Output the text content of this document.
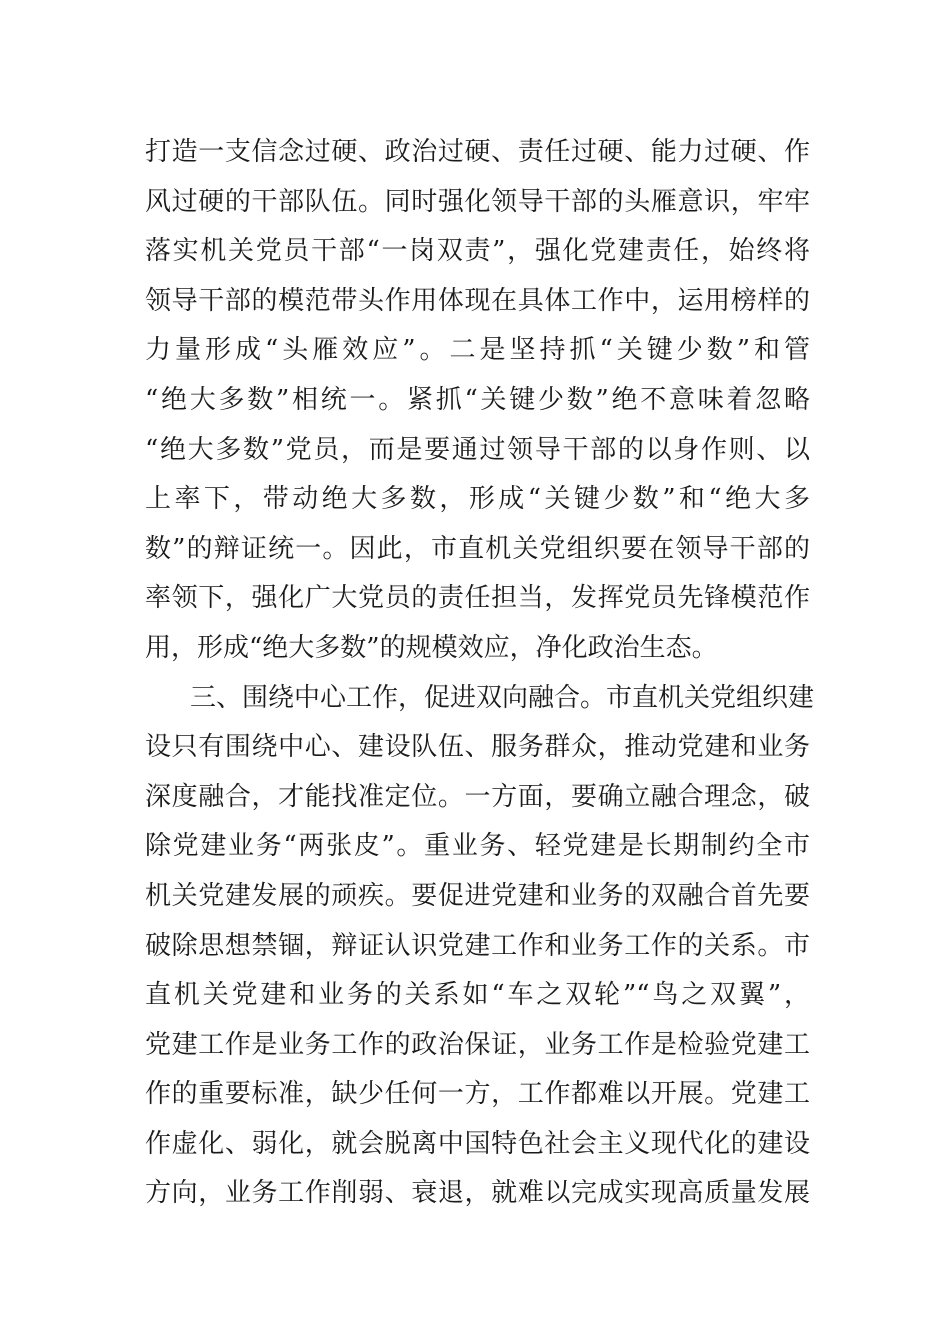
打造一支信念过硬、政治过硬、责任过硬、能力过硬、作
风过硬的干部队伍。同时强化领导干部的头雁意识，牢牢
落实机关党员干部“一岗双责”，强化党建责任，始终将
领导干部的模范带头作用体现在具体工作中，运用榜样的
力量形成“头雁效应”。二是坚持抓“关键少数”和管
“绝大多数”相统一。紧抓“关键少数”绝不意味着忽略
“绝大多数”党员，而是要通过领导干部的以身作则、以
上率下，带动绝大多数，形成“关键少数”和“绝大多
数”的辩证统一。因此，市直机关党组织要在领导干部的
率领下，强化广大党员的责任担当，发挥党员先锋模范作
用，形成“绝大多数”的规模效应，净化政治生态。
三、围绕中心工作，促进双向融合。市直机关党组织建
设只有围绕中心、建设队伍、服务群众，推动党建和业务
深度融合，才能找准定位。一方面，要确立融合理念，破
除党建业务“两张皮”。重业务、轻党建是长期制约全市
机关党建发展的顽疾。要促进党建和业务的双融合首先要
破除思想禁锢，辩证认识党建工作和业务工作的关系。市
直机关党建和业务的关系如“车之双轮”“鸟之双翼”，
党建工作是业务工作的政治保证，业务工作是检验党建工
作的重要标准，缺少任何一方，工作都难以开展。党建工
作虚化、弱化，就会脱离中国特色社会主义现代化的建设
方向，业务工作削弱、衰退，就难以完成实现高质量发展
